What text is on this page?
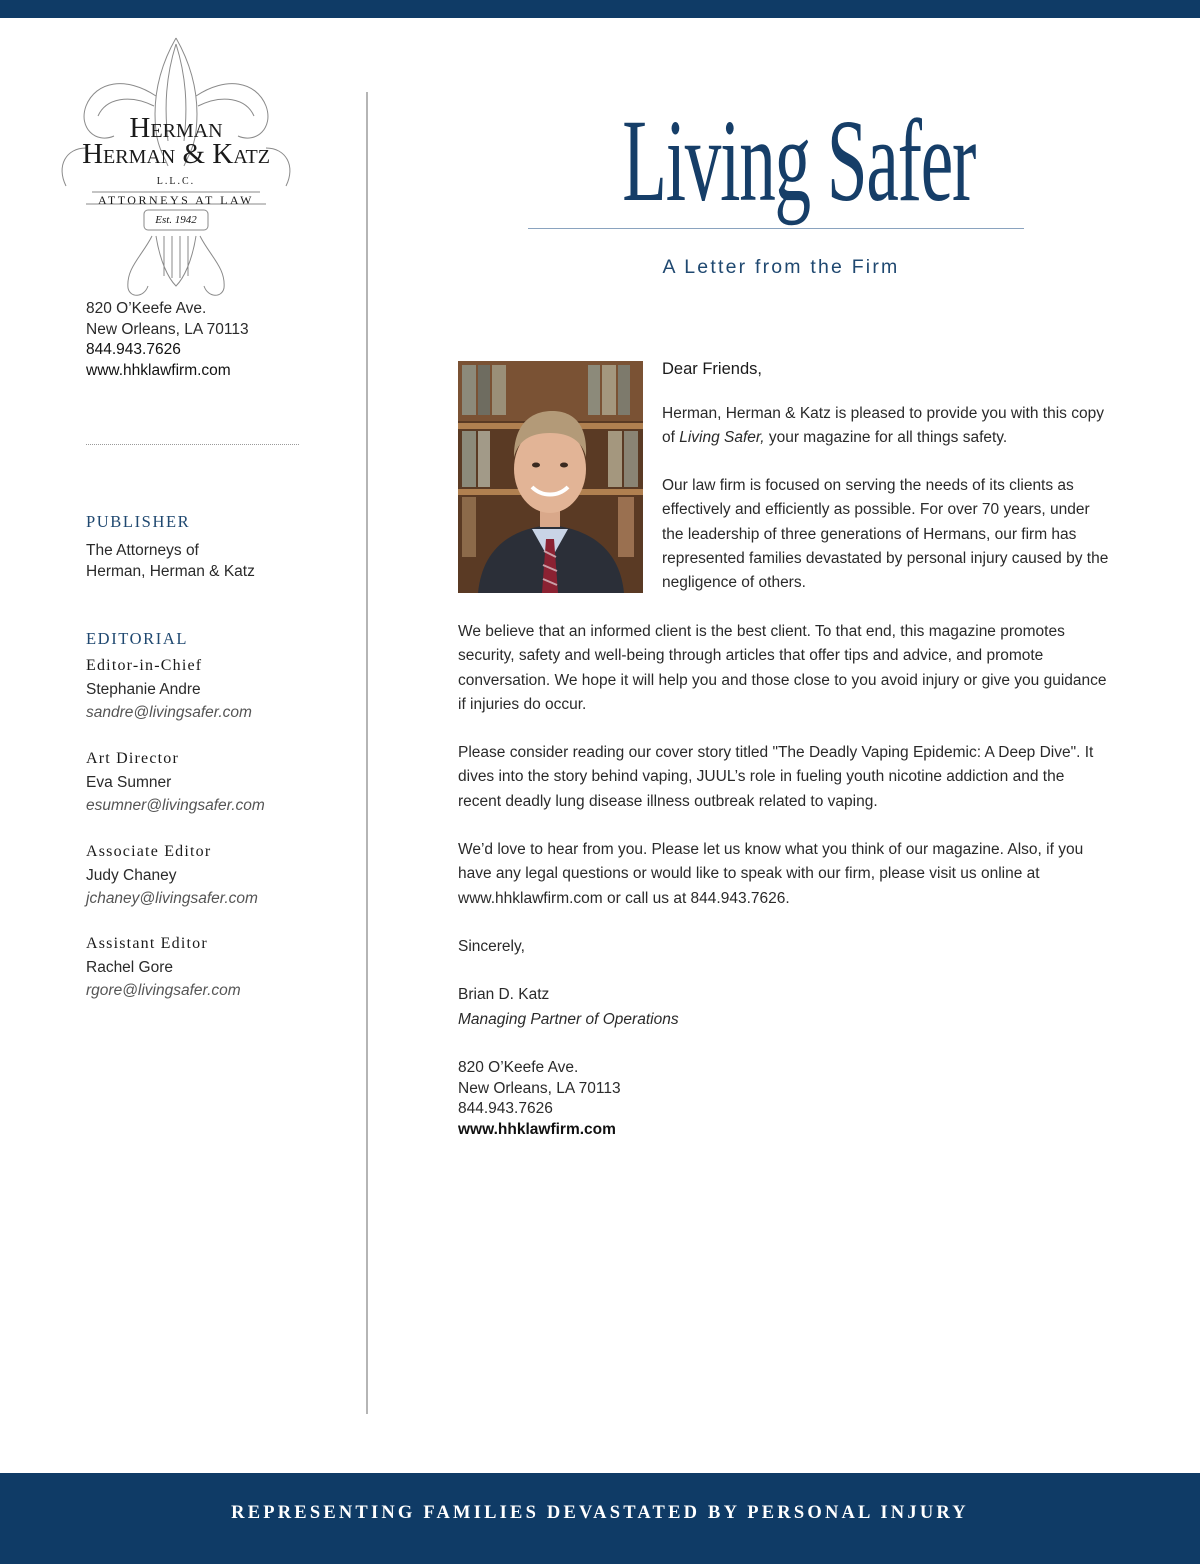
Herman
Herman & Katz
L.L.C.
ATTORNEYS AT LAW
Est. 1942
820 O’Keefe Ave.
New Orleans, LA 70113
844.943.7626
www.hhklawfirm.com
PUBLISHER
The Attorneys of
Herman, Herman & Katz
EDITORIAL
Editor-in-Chief
Stephanie Andre
sandre@livingsafer.com
Art Director
Eva Sumner
esumner@livingsafer.com
Associate Editor
Judy Chaney
jchaney@livingsafer.com
Assistant Editor
Rachel Gore
rgore@livingsafer.com
Living Safer
A Letter from the Firm
Dear Friends,
Herman, Herman & Katz is pleased to provide you with this copy of Living Safer, your magazine for all things safety.
Our law firm is focused on serving the needs of its clients as effectively and efficiently as possible. For over 70 years, under the leadership of three generations of Hermans, our firm has represented families devastated by personal injury caused by the negligence of others.
We believe that an informed client is the best client. To that end, this magazine promotes security, safety and well-being through articles that offer tips and advice, and promote conversation. We hope it will help you and those close to you avoid injury or give you guidance if injuries do occur.
Please consider reading our cover story titled "The Deadly Vaping Epidemic: A Deep Dive". It dives into the story behind vaping, JUUL’s role in fueling youth nicotine addiction and the recent deadly lung disease illness outbreak related to vaping.
We’d love to hear from you. Please let us know what you think of our magazine. Also, if you have any legal questions or would like to speak with our firm, please visit us online at www.hhklawfirm.com or call us at 844.943.7626.
Sincerely,
Brian D. Katz
Managing Partner of Operations
820 O’Keefe Ave.
New Orleans, LA 70113
844.943.7626
www.hhklawfirm.com
REPRESENTING FAMILIES DEVASTATED BY PERSONAL INJURY
